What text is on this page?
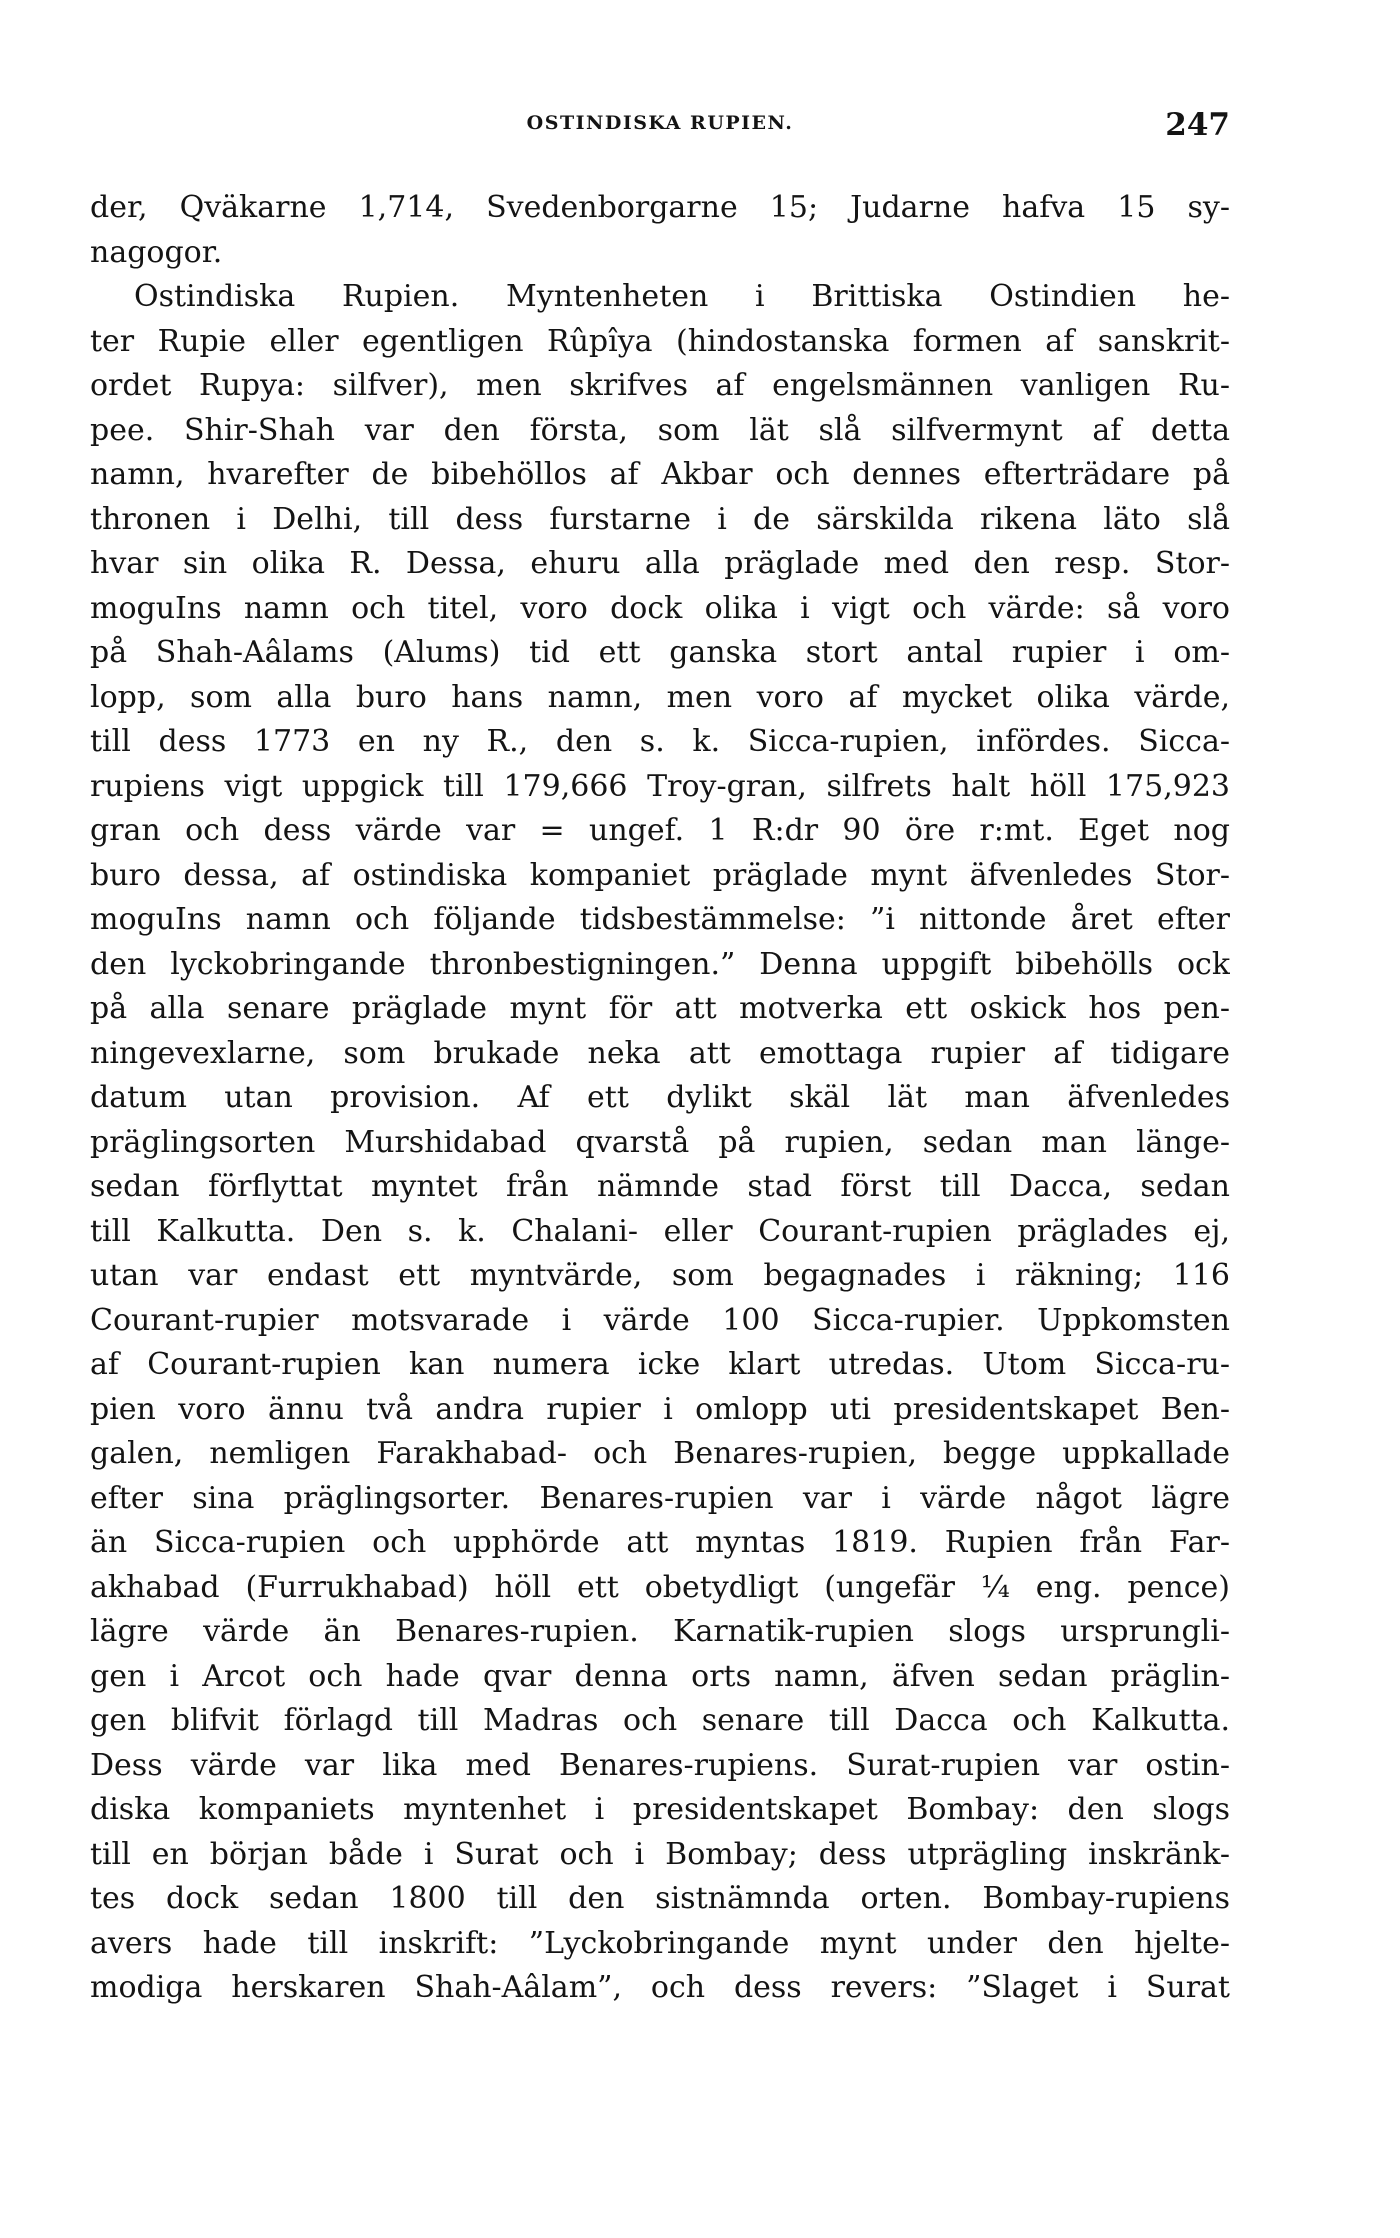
OSTINDISKA RUPIEN.	247
der, Qväkarne 1,714, Svedenborgarne 15; Judarne hafva 15 sy-
nagogor.
Ostindiska Rupien. Myntenheten i Brittiska Ostindien he-
ter Rupie eller egentligen Rûpîya (hindostanska formen af sanskrit-
ordet Rupya: silfver), men skrifves af engelsmännen vanligen Ru-
pee. Shir-Shah var den första, som lät slå silfvermynt af detta
namn, hvarefter de bibehöllos af Akbar och dennes efterträdare på
thronen i Delhi, till dess furstarne i de särskilda rikena läto slå
hvar sin olika R. Dessa, ehuru alla präglade med den resp. Stor-
moguIns namn och titel, voro dock olika i vigt och värde: så voro
på Shah-Aâlams (Alums) tid ett ganska stort antal rupier i om-
lopp, som alla buro hans namn, men voro af mycket olika värde,
till dess 1773 en ny R., den s. k. Sicca-rupien, infördes. Sicca-
rupiens vigt uppgick till 179,666 Troy-gran, silfrets halt höll 175,923
gran och dess värde var = ungef. 1 R:dr 90 öre r:mt. Eget nog
buro dessa, af ostindiska kompaniet präglade mynt äfvenledes Stor-
moguIns namn och följande tidsbestämmelse: ”i nittonde året efter
den lyckobringande thronbestigningen.” Denna uppgift bibehölls ock
på alla senare präglade mynt för att motverka ett oskick hos pen-
ningevexlarne, som brukade neka att emottaga rupier af tidigare
datum utan provision. Af ett dylikt skäl lät man äfvenledes
präglingsorten Murshidabad qvarstå på rupien, sedan man länge-
sedan förflyttat myntet från nämnde stad först till Dacca, sedan
till Kalkutta. Den s. k. Chalani- eller Courant-rupien präglades ej,
utan var endast ett myntvärde, som begagnades i räkning; 116
Courant-rupier motsvarade i värde 100 Sicca-rupier. Uppkomsten
af Courant-rupien kan numera icke klart utredas. Utom Sicca-ru-
pien voro ännu två andra rupier i omlopp uti presidentskapet Ben-
galen, nemligen Farakhabad- och Benares-rupien, begge uppkallade
efter sina präglingsorter. Benares-rupien var i värde något lägre
än Sicca-rupien och upphörde att myntas 1819. Rupien från Far-
akhabad (Furrukhabad) höll ett obetydligt (ungefär ¼ eng. pence)
lägre värde än Benares-rupien. Karnatik-rupien slogs ursprungli-
gen i Arcot och hade qvar denna orts namn, äfven sedan präglin-
gen blifvit förlagd till Madras och senare till Dacca och Kalkutta.
Dess värde var lika med Benares-rupiens. Surat-rupien var ostin-
diska kompaniets myntenhet i presidentskapet Bombay: den slogs
till en början både i Surat och i Bombay; dess utprägling inskränk-
tes dock sedan 1800 till den sistnämnda orten. Bombay-rupiens
avers hade till inskrift: ”Lyckobringande mynt under den hjelte-
modiga herskaren Shah-Aâlam”, och dess revers: ”Slaget i Surat
